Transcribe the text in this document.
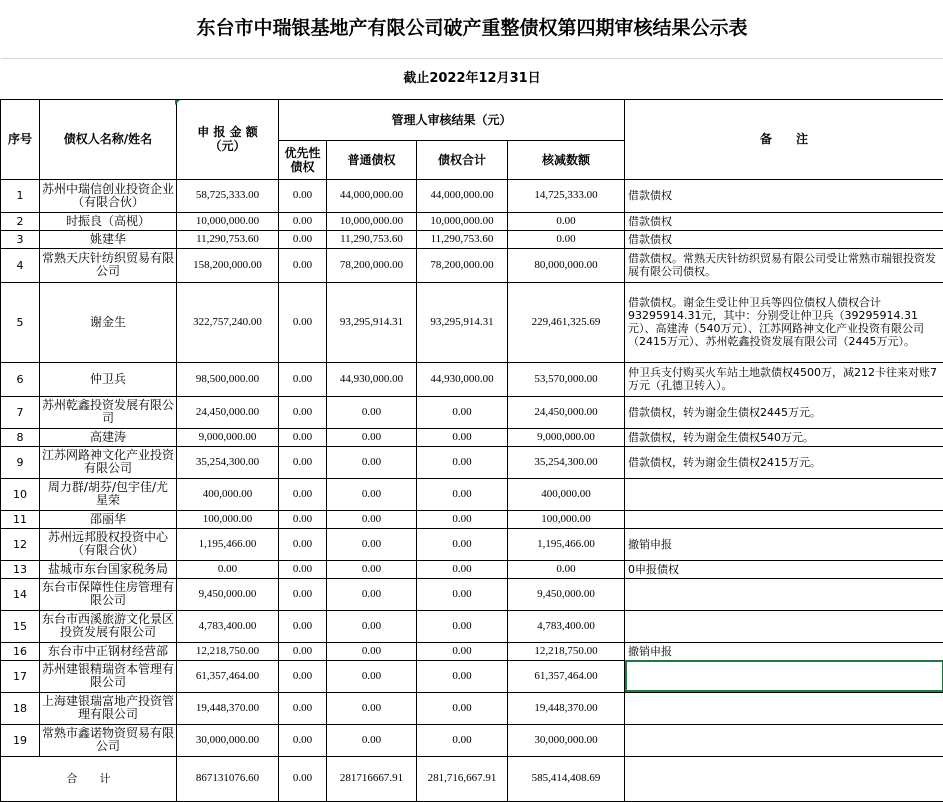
东台市中瑞银基地产有限公司破产重整债权第四期审核结果公示表							
截止2022年12月31日							
序号	债权人名称/姓名	申 报 金 额（元）	管理人审核结果（元）				备　　注
			优先性债权	普通债权	债权合计	核减数额	
1	苏州中瑞信创业投资企业（有限合伙）	58,725,333.00	0.00	44,000,000.00	44,000,000.00	14,725,333.00	借款债权
2	时振良（高枧）	10,000,000.00	0.00	10,000,000.00	10,000,000.00	0.00	借款债权
3	姚建华	11,290,753.60	0.00	11,290,753.60	11,290,753.60	0.00	借款债权
4	常熟天庆针纺织贸易有限公司	158,200,000.00	0.00	78,200,000.00	78,200,000.00	80,000,000.00	借款债权。常熟天庆针纺织贸易有限公司受让常熟市瑞银投资发展有限公司债权。
5	谢金生	322,757,240.00	0.00	93,295,914.31	93,295,914.31	229,461,325.69	借款债权。谢金生受让仲卫兵等四位债权人债权合计93295914.31元，其中：分别受让仲卫兵（39295914.31元）、高建涛（540万元）、江苏网路神文化产业投资有限公司（2415万元）、苏州乾鑫投资发展有限公司（2445万元）。
6	仲卫兵	98,500,000.00	0.00	44,930,000.00	44,930,000.00	53,570,000.00	仲卫兵支付购买火车站土地款债权4500万，减212卡往来对账7万元（孔德卫转入）。
7	苏州乾鑫投资发展有限公司	24,450,000.00	0.00	0.00	0.00	24,450,000.00	借款债权，转为谢金生债权2445万元。
8	高建涛	9,000,000.00	0.00	0.00	0.00	9,000,000.00	借款债权，转为谢金生债权540万元。
9	江苏网路神文化产业投资有限公司	35,254,300.00	0.00	0.00	0.00	35,254,300.00	借款债权，转为谢金生债权2415万元。
10	周力群/胡芬/包宇佳/尤星荣	400,000.00	0.00	0.00	0.00	400,000.00	
11	邵丽华	100,000.00	0.00	0.00	0.00	100,000.00	
12	苏州远邦股权投资中心（有限合伙）	1,195,466.00	0.00	0.00	0.00	1,195,466.00	撤销申报
13	盐城市东台国家税务局	0.00	0.00	0.00	0.00	0.00	0申报债权
14	东台市保障性住房管理有限公司	9,450,000.00	0.00	0.00	0.00	9,450,000.00	
15	东台市西溪旅游文化景区投资发展有限公司	4,783,400.00	0.00	0.00	0.00	4,783,400.00	
16	东台市中正钢材经营部	12,218,750.00	0.00	0.00	0.00	12,218,750.00	撤销申报
17	苏州建银精瑞资本管理有限公司	61,357,464.00	0.00	0.00	0.00	61,357,464.00	
18	上海建银瑞富地产投资管理有限公司	19,448,370.00	0.00	0.00	0.00	19,448,370.00	
19	常熟市鑫诺物资贸易有限公司	30,000,000.00	0.00	0.00	0.00	30,000,000.00	
合　　计		867131076.60	0.00	281716667.91	281,716,667.91	585,414,408.69	
